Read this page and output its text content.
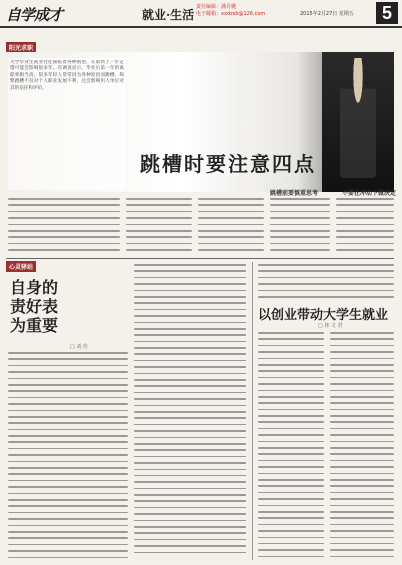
自学成才	就业·生活
责任编辑：潘肖樾
电子邮箱：xxdzsb@126.com	2015年2月27日 星期五	5
阳光求职
大学毕业生就业往往面临着各种困惑，在职场上一步走错可能会影响很多年。有调查显示，毕业后第一年的离职率相当高，很多年轻人常常因为各种原因而跳槽。频繁跳槽不仅对个人职业发展不利，还会影响用人单位对其的信任和评价。
跳槽时要注意四点
跳槽前要慎重思考	不要在冲动下做决定
心灵驿站
自身的
责好表
为重要
□ 刘 佳
以创业带动大学生就业
□ 林 文 君
